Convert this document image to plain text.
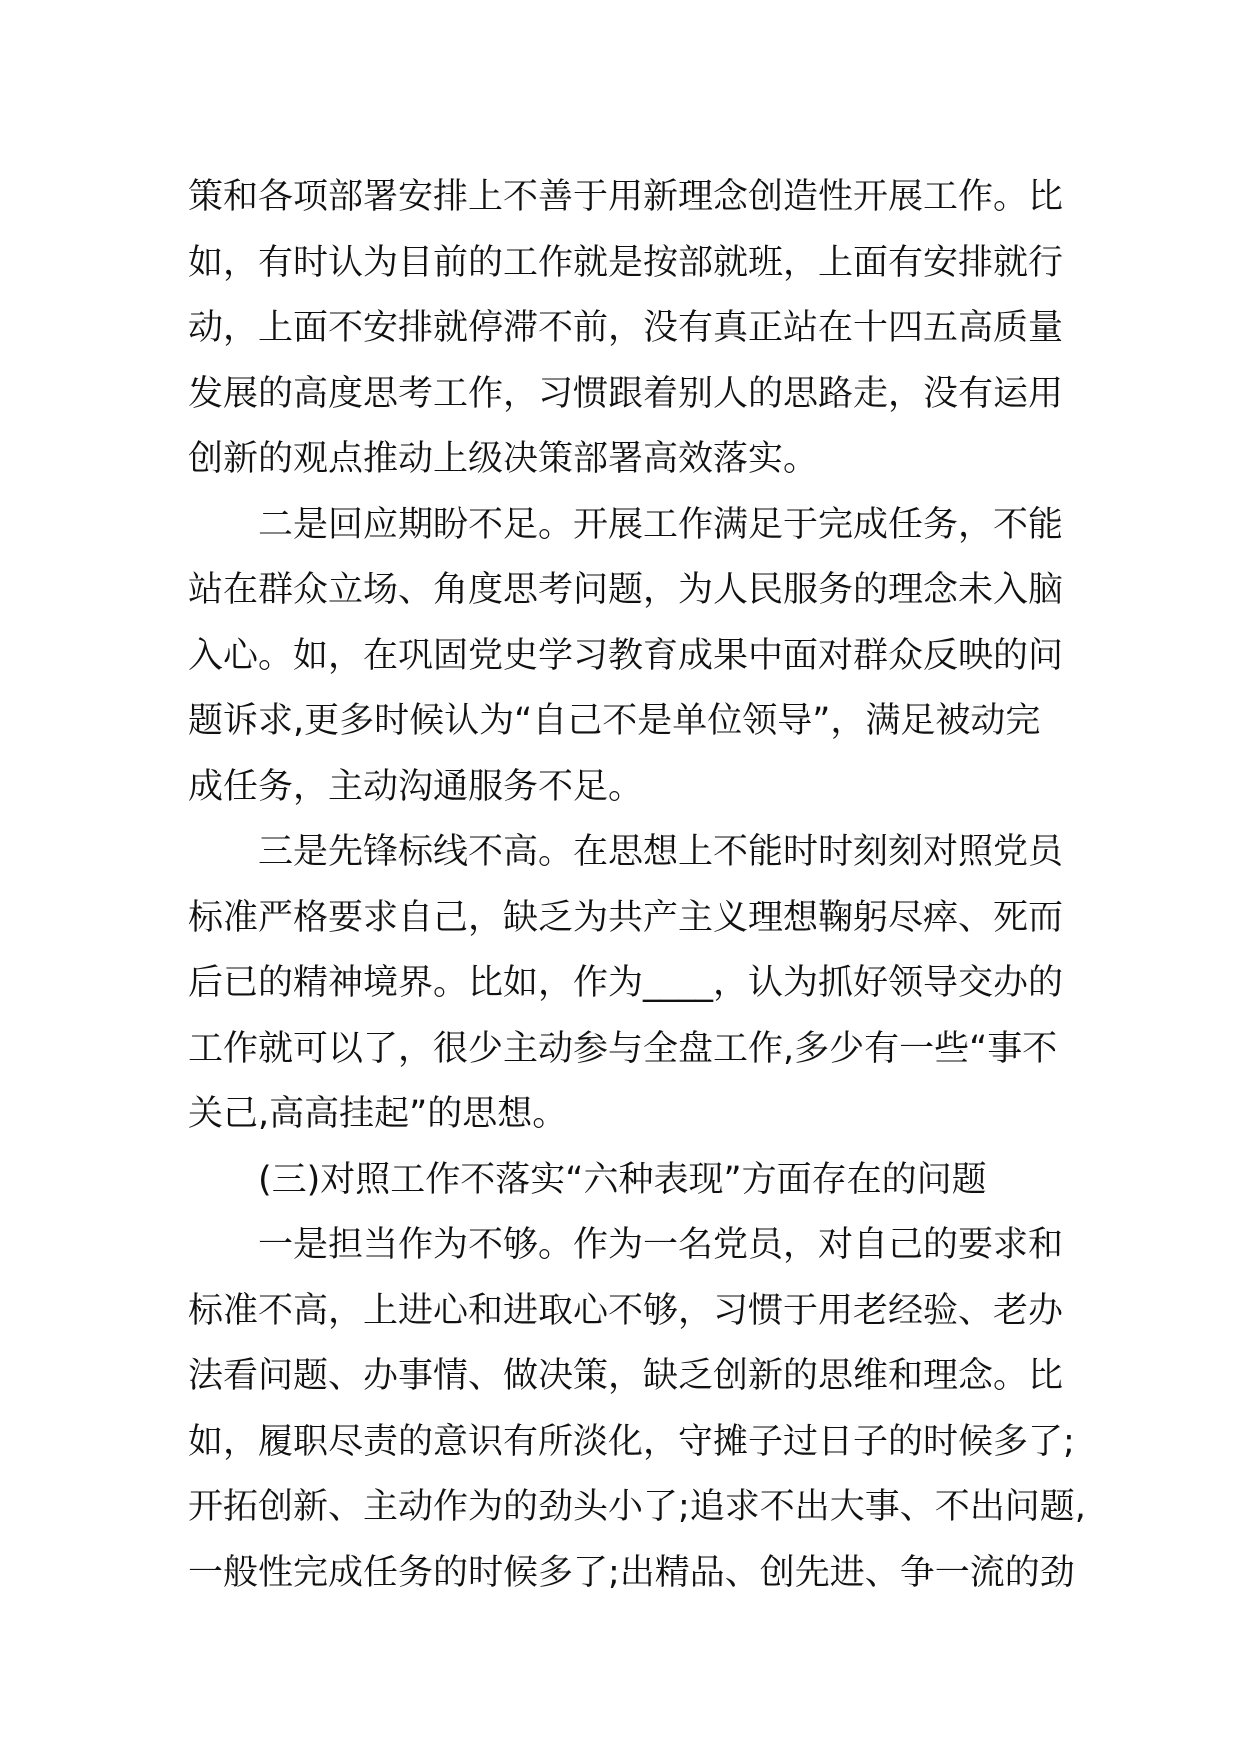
策和各项部署安排上不善于用新理念创造性开展工作。比
如，有时认为目前的工作就是按部就班，上面有安排就行
动，上面不安排就停滞不前，没有真正站在十四五高质量
发展的高度思考工作，习惯跟着别人的思路走，没有运用
创新的观点推动上级决策部署高效落实。
二是回应期盼不足。开展工作满足于完成任务，不能
站在群众立场、角度思考问题，为人民服务的理念未入脑
入心。如，在巩固党史学习教育成果中面对群众反映的问
题诉求,更多时候认为“自己不是单位领导”，满足被动完
成任务，主动沟通服务不足。
三是先锋标线不高。在思想上不能时时刻刻对照党员
标准严格要求自己，缺乏为共产主义理想鞠躬尽瘁、死而
后已的精神境界。比如，作为____，认为抓好领导交办的
工作就可以了，很少主动参与全盘工作,多少有一些“事不
关己,高高挂起”的思想。
(三)对照工作不落实“六种表现”方面存在的问题
一是担当作为不够。作为一名党员，对自己的要求和
标准不高，上进心和进取心不够，习惯于用老经验、老办
法看问题、办事情、做决策，缺乏创新的思维和理念。比
如，履职尽责的意识有所淡化，守摊子过日子的时候多了;
开拓创新、主动作为的劲头小了;追求不出大事、不出问题,
一般性完成任务的时候多了;出精品、创先进、争一流的劲
